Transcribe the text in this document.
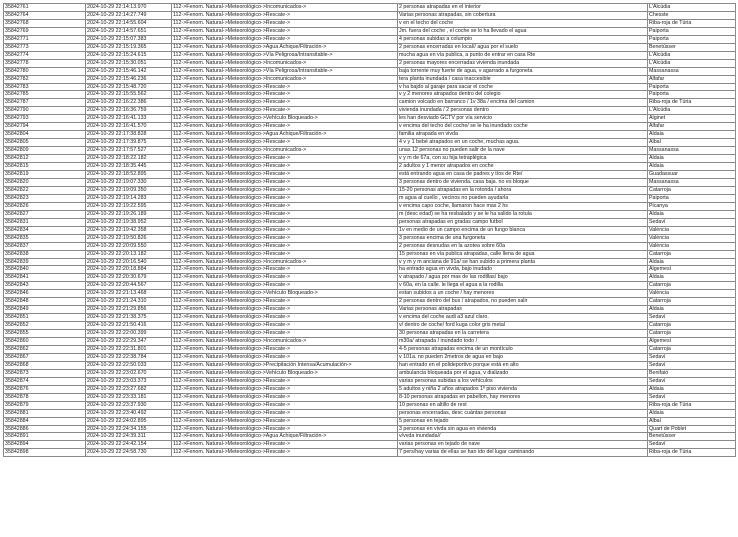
35842761	2024-10-29 22:14:13.970	112->Fenom. Natural->Meteorológico->Incomunicados->	2 personas atrapadas en el interior	L'Alcúdia
35842764	2024-10-29 22:14:27.749	112->Fenom. Natural->Meteorológico->Rescate->	Varias personas atrapadas, sin cobertura	Chesste
35842768	2024-10-29 22:14:55.604	112->Fenom. Natural->Meteorológico->Rescate->	v en el techo del coche	Riba-roja de Túria
35842769	2024-10-29 22:14:57.651	112->Fenom. Natural->Meteorológico->Rescate->	Jm. fuera del coche , el coche se lo ha llevado el agua	Paiporta
35842771	2024-10-29 22:15:07.383	112->Fenom. Natural->Meteorológico->Rescate->	4 personas subidas a columpio	Paiporta
35842773	2024-10-29 22:15:19.365	112->Fenom. Natural->Meteorológico->Agua Achique/Filtración->	2 personas encerradas en local// agua por el suelo	Benetússer
35842774	2024-10-29 22:15:24.615	112->Fenom. Natural->Meteorológico->Vía Peligrosa/Intransitable->	mucha agua en vía publica, a punto de entrar en casa Rte	L'Alcúdia
35842778	2024-10-29 22:15:30.051	112->Fenom. Natural->Meteorológico->Incomunicados->	2 personas mayores encerradas vivienda inundada	L'Alcúdia
35842780	2024-10-29 22:15:46.142	112->Fenom. Natural->Meteorológico->Vía Peligrosa/Intransitable->	baja torrente muy fuerte de agua, v agarrado a furgoneta	Massanassa
35842782	2024-10-29 22:15:46.236	112->Fenom. Natural->Meteorológico->Incomunicados->	tera planta inundada / casa inaccesible	Alfafar
35842783	2024-10-29 22:15:48.720	112->Fenom. Natural->Meteorológico->Rescate->	v ha bajdo al garaje para sacar el coche	Paiporta
35842785	2024-10-29 22:15:55.562	112->Fenom. Natural->Meteorológico->Rescate->	v y 2 menores atrapados dentro del colegio	Paiporta
35842787	2024-10-29 22:16:22.386	112->Fenom. Natural->Meteorológico->Rescate->	camion volcado en barranco / 1v 38a / encima del camion	Riba-roja de Túria
35842790	2024-10-29 22:16:36.759	112->Fenom. Natural->Meteorológico->Rescate->	vivienda inundada / 2 personas dentro	L'Alcúdia
35842793	2024-10-29 22:16:41.133	112->Fenom. Natural->Meteorológico->Vehículo Bloqueado->	les han desviado GCTV por vía servicio	Alginet
35842794	2024-10-29 22:16:41.570	112->Fenom. Natural->Meteorológico->Rescate->	v encima del techo del coche/ se le ha inundado coche	Alfafar
35842804	2024-10-29 22:17:38.828	112->Fenom. Natural->Meteorológico->Agua Achique/Filtración->	familia atrapada en vivda	Aldaia
35842805	2024-10-29 22:17:39.875	112->Fenom. Natural->Meteorológico->Rescate->	4 v y 1 bebé atrapados en un coche, muchas agua.	Albal
35842809	2024-10-29 22:17:57.527	112->Fenom. Natural->Meteorológico->Incomunicados->	unas 12 personas no pueden salir de la nave	Massanassa
35842812	2024-10-29 22:18:22.182	112->Fenom. Natural->Meteorológico->Rescate->	v y m de 67a, con su hija tetraplégica	Aldaia
35842815	2024-10-29 22:18:35.445	112->Fenom. Natural->Meteorológico->Rescate->	2 adultos y 1 menor atrapados en coche	Aldaia
35842819	2024-10-29 22:18:52.895	112->Fenom. Natural->Meteorológico->Rescate->	está entrando agua en casa de padres y tíos de Rte/	Guadassuar
35842820	2024-10-29 22:19:07.330	112->Fenom. Natural->Meteorológico->Rescate->	3 personas dentro de vivienda. casa baja. no es bloque	Massanassa
35842822	2024-10-29 22:19:09.350	112->Fenom. Natural->Meteorológico->Rescate->	15-20 personas atrapadas en la rotonda / ahora	Catarroja
35842823	2024-10-29 22:19:14.283	112->Fenom. Natural->Meteorológico->Rescate->	m agua al cuello , vecinos no pueden ayudarla	Paiporta
35842826	2024-10-29 22:19:22.595	112->Fenom. Natural->Meteorológico->Rescate->	v encima capo coche, llamaron hace mas 2 hs	Picanya
35842827	2024-10-29 22:19:26.189	112->Fenom. Natural->Meteorológico->Rescate->	m (desc edad) se ha resbalado y se le ha salido la rotula	Aldaia
35842831	2024-10-29 22:19:38.952	112->Fenom. Natural->Meteorológico->Rescate->	personas atrapadas en gradas campo futbol	Sedaví
35842834	2024-10-29 22:19:42.358	112->Fenom. Natural->Meteorológico->Rescate->	1v en medio de un campo encima de un fungo blanca	València
35842835	2024-10-29 22:19:50.826	112->Fenom. Natural->Meteorológico->Rescate->	3 personas encima de una furgoneta	València
35842837	2024-10-29 22:20:09.550	112->Fenom. Natural->Meteorológico->Rescate->	2 personas desnudas en la azotea sobre 60a	València
35842838	2024-10-29 22:20:13.182	112->Fenom. Natural->Meteorológico->Rescate->	15 personas en vía publica atrapadas, calle llena de agua	Catarroja
35842839	2024-10-29 22:20:16.540	112->Fenom. Natural->Meteorológico->Incomunicados->	v y m y m anciana de 91a/ se han subido a primera planta	Aldaia
35842840	2024-10-29 22:20:18.884	112->Fenom. Natural->Meteorológico->Rescate->	ha entrado agua en vivda, bajo inudado	Algemesí
35842841	2024-10-29 22:20:30.679	112->Fenom. Natural->Meteorológico->Rescate->	v atrapado / agua por mas de las rodillas/ bajo	Aldaia
35842843	2024-10-29 22:20:44.567	112->Fenom. Natural->Meteorológico->Rescate->	v 60a, en la calle. le llega el agua a la rodilla	Catarroja
35842846	2024-10-29 22:21:13.468	112->Fenom. Natural->Meteorológico->Vehículo Bloqueado->	estan subidos a un coche / hay menores	València
35842848	2024-10-29 22:21:24.310	112->Fenom. Natural->Meteorológico->Rescate->	2 personas dentro del bus / atrapados, no pueden salir	Catarroja
35842849	2024-10-29 22:21:29.856	112->Fenom. Natural->Meteorológico->Rescate->	Varias personas atrapadas	Aldaia
35842851	2024-10-29 22:21:38.375	112->Fenom. Natural->Meteorológico->Rescate->	v encima del coche audi a3 azul claro.	Sedaví
35842852	2024-10-29 22:21:50.416	112->Fenom. Natural->Meteorológico->Rescate->	v/ dentro de coche/ ford kuga color gris metal	Catarroja
35842855	2024-10-29 22:22:00.399	112->Fenom. Natural->Meteorológico->Rescate->	30 personas atrapadas en la carretera	Catarroja
35842860	2024-10-29 22:22:29.347	112->Fenom. Natural->Meteorológico->Incomunicados->	m30a/ atrapada / inundado todo /	Algemesí
35842862	2024-10-29 22:22:31.801	112->Fenom. Natural->Meteorológico->Rescate->	4-5 personas atrapadas encima de un montículo	Catarroja
35842867	2024-10-29 22:22:38.784	112->Fenom. Natural->Meteorológico->Rescate->	v 101a. no pueden 2metros de agua en bajo	Sedaví
35842868	2024-10-29 22:22:50.033	112->Fenom. Natural->Meteorológico->Precipitación Intensa/Acumulación->	han entrado en el polideportivo porque está en alto	Sedaví
35842873	2024-10-29 22:23:02.670	112->Fenom. Natural->Meteorológico->Vehículo Bloqueado->	ambulancia bloqueada por el agua, v dializado	Benifaió
35842874	2024-10-29 22:23:03.373	112->Fenom. Natural->Meteorológico->Rescate->	varias personas subidas a los vehículos	Sedaví
35842876	2024-10-29 22:23:27.682	112->Fenom. Natural->Meteorológico->Rescate->	5 adultos y niña 2 años atrapados 1º piso vivienda	Aldaia
35842878	2024-10-29 22:23:33.181	112->Fenom. Natural->Meteorológico->Rescate->	8-10 personas atrapadas en pabellon, hay menores	Sedaví
35842879	2024-10-29 22:23:37.930	112->Fenom. Natural->Meteorológico->Rescate->	10 personas en altillo de rest	Riba-roja de Túria
35842881	2024-10-29 22:23:40.492	112->Fenom. Natural->Meteorológico->Rescate->	personas encerradas, desc cuántas personas	Aldaia
35842884	2024-10-29 22:24:02.895	112->Fenom. Natural->Meteorológico->Rescate->	5 personas en tejado	Albal
35842886	2024-10-29 22:24:34.155	112->Fenom. Natural->Meteorológico->Rescate->	3 personas en vivda sin agua en vivienda	Quart de Poblet
35842891	2024-10-29 22:24:39.311	112->Fenom. Natural->Meteorológico->Agua Achique/Filtración->	v/vvda inundada//	Benetússer
35842894	2024-10-29 22:24:42.154	112->Fenom. Natural->Meteorológico->Rescate->	varias personas en tejado de nave	Sedaví
35842898	2024-10-29 22:24:58.730	112->Fenom. Natural->Meteorológico->Rescate->	7 pers/hay varias de ellas se han ido del lugar caminando	Riba-roja de Túria
